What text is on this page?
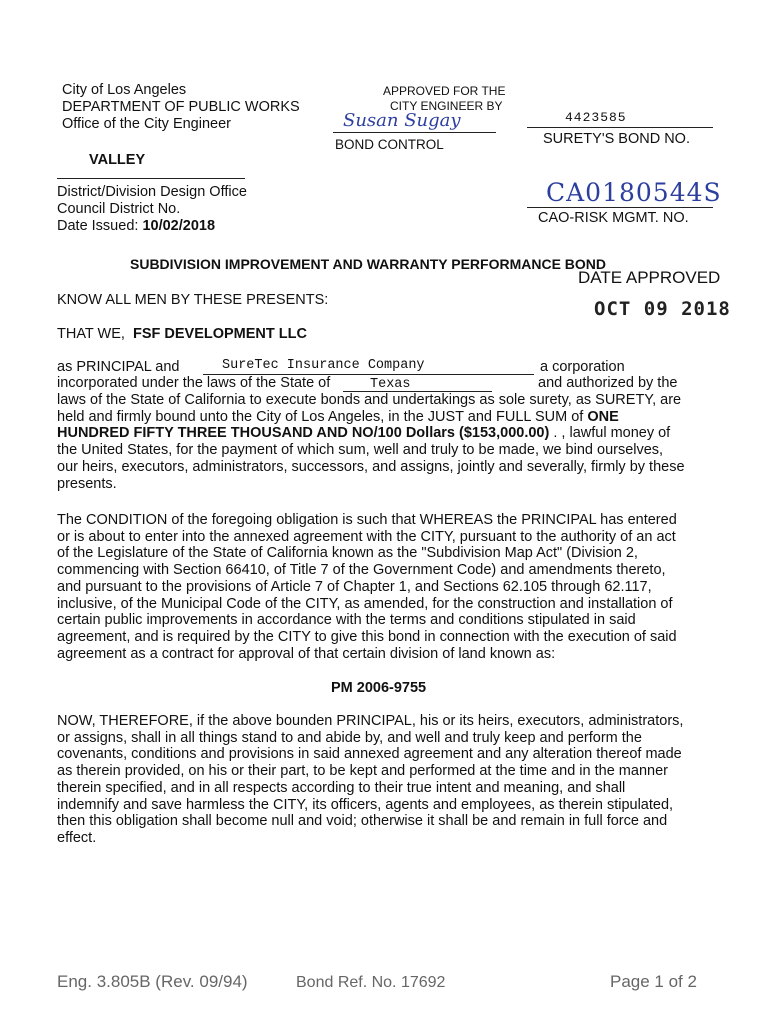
City of Los Angeles
DEPARTMENT OF PUBLIC WORKS
Office of the City Engineer
APPROVED FOR THE
CITY ENGINEER BY
Susan Sugay
BOND CONTROL
4423585
SURETY'S BOND NO.
VALLEY
District/Division Design Office
Council District No.
Date Issued: 10/02/2018
CA0180544S
CAO-RISK MGMT. NO.
SUBDIVISION IMPROVEMENT AND WARRANTY PERFORMANCE BOND
DATE APPROVED
KNOW ALL MEN BY THESE PRESENTS:	OCT 09 2018
THAT WE, FSF DEVELOPMENT LLC
as PRINCIPAL and	SureTec Insurance Company	a corporation
incorporated under the laws of the State of	Texas	and authorized by the
laws of the State of California to execute bonds and undertakings as sole surety, as SURETY, are
held and firmly bound unto the City of Los Angeles, in the JUST and FULL SUM of ONE
HUNDRED FIFTY THREE THOUSAND AND NO/100 Dollars ($153,000.00) . , lawful money of
the United States, for the payment of which sum, well and truly to be made, we bind ourselves,
our heirs, executors, administrators, successors, and assigns, jointly and severally, firmly by these
presents.
The CONDITION of the foregoing obligation is such that WHEREAS the PRINCIPAL has entered
or is about to enter into the annexed agreement with the CITY, pursuant to the authority of an act
of the Legislature of the State of California known as the "Subdivision Map Act" (Division 2,
commencing with Section 66410, of Title 7 of the Government Code) and amendments thereto,
and pursuant to the provisions of Article 7 of Chapter 1, and Sections 62.105 through 62.117,
inclusive, of the Municipal Code of the CITY, as amended, for the construction and installation of
certain public improvements in accordance with the terms and conditions stipulated in said
agreement, and is required by the CITY to give this bond in connection with the execution of said
agreement as a contract for approval of that certain division of land known as:
PM 2006-9755
NOW, THEREFORE, if the above bounden PRINCIPAL, his or its heirs, executors, administrators,
or assigns, shall in all things stand to and abide by, and well and truly keep and perform the
covenants, conditions and provisions in said annexed agreement and any alteration thereof made
as therein provided, on his or their part, to be kept and performed at the time and in the manner
therein specified, and in all respects according to their true intent and meaning, and shall
indemnify and save harmless the CITY, its officers, agents and employees, as therein stipulated,
then this obligation shall become null and void; otherwise it shall be and remain in full force and
effect.
Eng. 3.805B (Rev. 09/94)	Bond Ref. No. 17692	Page 1 of 2
